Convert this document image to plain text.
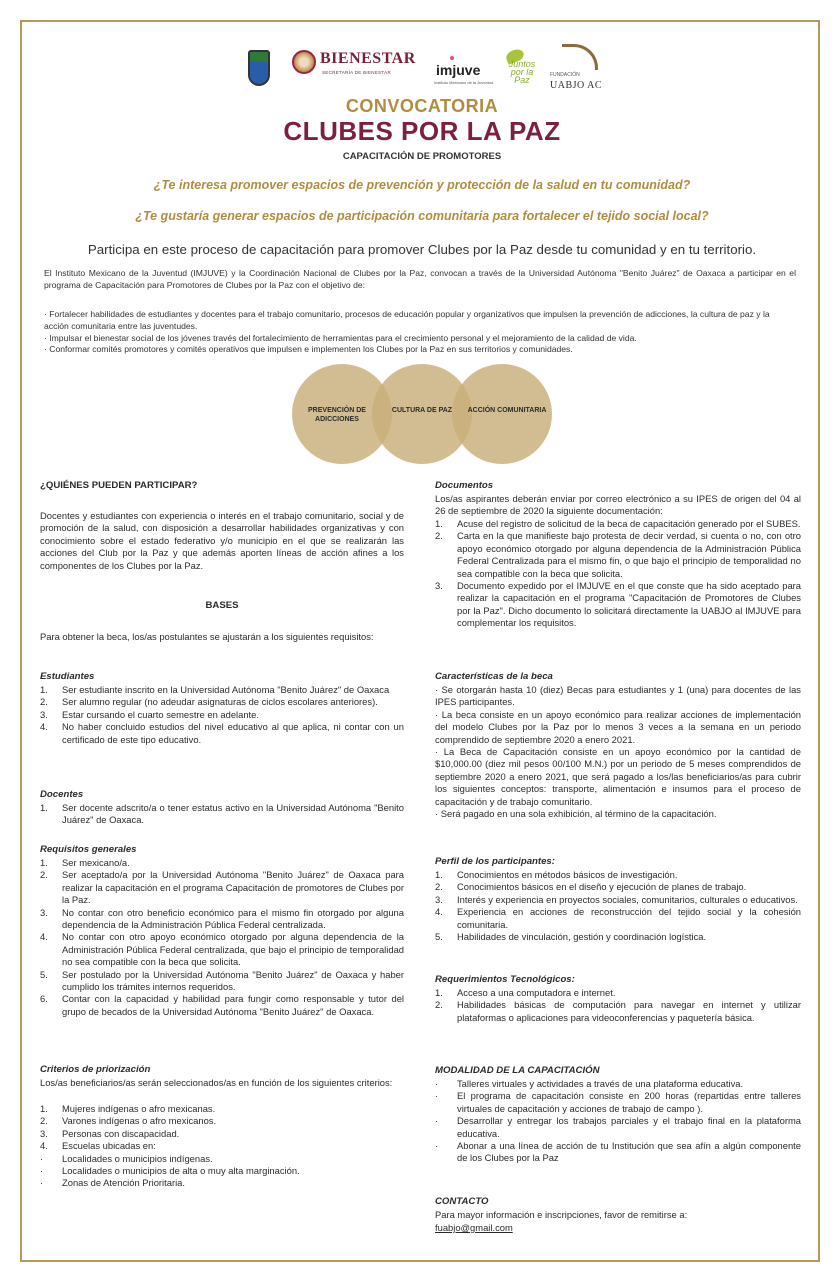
BIENESTAR
SECRETARÍA DE BIENESTAR	imjuve
Instituto Mexicano de la Juventud
Juntos por la Paz	FUNDACIÓN
UABJO AC
CONVOCATORIA
CLUBES POR LA PAZ
CAPACITACIÓN DE PROMOTORES
¿Te interesa promover espacios de prevención y protección de la salud en tu comunidad?
¿Te gustaría generar espacios de participación comunitaria para fortalecer el tejido social local?
Participa en este proceso de capacitación para promover Clubes por la Paz desde tu comunidad y en tu territorio.
El Instituto Mexicano de la Juventud (IMJUVE) y la Coordinación Nacional de Clubes por la Paz, convocan a través de la Universidad Autónoma "Benito Juárez" de Oaxaca a participar en el programa de Capacitación para Promotores de Clubes por la Paz con el objetivo de:
· Fortalecer habilidades de estudiantes y docentes para el trabajo comunitario, procesos de educación popular y organizativos que impulsen la prevención de adicciones, la cultura de paz y la acción comunitaria entre las juventudes.
· Impulsar el bienestar social de los jóvenes través del fortalecimiento de herramientas para el crecimiento personal y el mejoramiento de la calidad de vida.
· Conformar comités promotores y comités operativos que impulsen e implementen los Clubes por la Paz en sus territorios y comunidades.
PREVENCIÓN DE ADICCIONES
CULTURA DE PAZ	ACCIÓN COMUNITARIA
¿QUIÉNES PUEDEN PARTICIPAR?
Docentes y estudiantes con experiencia o interés en el trabajo comunitario, social y de promoción de la salud, con disposición a desarrollar habilidades organizativas y con conocimiento sobre el estado federativo y/o municipio en el que se realizarán las acciones del Club por la Paz y que además aporten líneas de acción afines a los componentes de los Clubes por la Paz.
BASES
Para obtener la beca, los/as postulantes se ajustarán a los siguientes requisitos:
Estudiantes
1.	Ser estudiante inscrito en la Universidad Autónoma "Benito Juárez" de Oaxaca
2.	Ser alumno regular (no adeudar asignaturas de ciclos escolares anteriores).
3.	Estar cursando el cuarto semestre en adelante.
4.	No haber concluido estudios del nivel educativo al que aplica, ni contar con un certificado de este tipo educativo.
Docentes
1.	Ser docente adscrito/a o tener estatus activo en la Universidad Autónoma "Benito Juárez" de Oaxaca.
Requisitos generales
1.	Ser mexicano/a.
2.	Ser aceptado/a por la Universidad Autónoma "Benito Juárez" de Oaxaca para realizar la capacitación en el programa Capacitación de promotores de Clubes por la Paz.
3.	No contar con otro beneficio económico para el mismo fin otorgado por alguna dependencia de la Administración Pública Federal centralizada.
4.	No contar con otro apoyo económico otorgado por alguna dependencia de la Administración Pública Federal centralizada, que bajo el principio de temporalidad no sea compatible con la beca que solicita.
5.	Ser postulado por la Universidad Autónoma "Benito Juárez" de Oaxaca y haber cumplido los trámites internos requeridos.
6.	Contar con la capacidad y habilidad para fungir como responsable y tutor del grupo de becados de la Universidad Autónoma "Benito Juárez" de Oaxaca.
Criterios de priorización
Los/as beneficiarios/as serán seleccionados/as en función de los siguientes criterios:
1.	Mujeres indígenas o afro mexicanas.
2.	Varones indígenas o afro mexicanos.
3.	Personas con discapacidad.
4.	Escuelas ubicadas en:
·	Localidades o municipios indígenas.
·	Localidades o municipios de alta o muy alta marginación.
·	Zonas de Atención Prioritaria.
Documentos
Los/as aspirantes deberán enviar por correo electrónico a su IPES de origen del 04 al 26 de septiembre de 2020 la siguiente documentación:
1.	Acuse del registro de solicitud de la beca de capacitación generado por el SUBES.
2.	Carta en la que manifieste bajo protesta de decir verdad, si cuenta o no, con otro apoyo económico otorgado por alguna dependencia de la Administración Pública Federal Centralizada para el mismo fin, o que bajo el principio de temporalidad no sea compatible con la beca que solicita.
3.	Documento expedido por el IMJUVE en el que conste que ha sido aceptado para realizar la capacitación en el programa "Capacitación de Promotores de Clubes por la Paz". Dicho documento lo solicitará directamente la UABJO al IMJUVE para complementar los requisitos.
Características de la beca
· Se otorgarán hasta 10 (diez) Becas para estudiantes y 1 (una) para docentes de las IPES participantes.
· La beca consiste en un apoyo económico para realizar acciones de implementación del modelo Clubes por la Paz por lo menos 3 veces a la semana en un periodo comprendido de septiembre 2020 a enero 2021.
· La Beca de Capacitación consiste en un apoyo económico por la cantidad de $10,000.00 (diez mil pesos 00/100 M.N.) por un periodo de 5 meses comprendidos de septiembre 2020 a enero 2021, que será pagado a los/las beneficiarios/as para cubrir los siguientes conceptos: transporte, alimentación e insumos para el proceso de capacitación y de trabajo comunitario.
· Será pagado en una sola exhibición, al término de la capacitación.
Perfil de los participantes:
1.	Conocimientos en métodos básicos de investigación.
2.	Conocimientos básicos en el diseño y ejecución de planes de trabajo.
3.	Interés y experiencia en proyectos sociales, comunitarios, culturales o educativos.
4.	Experiencia en acciones de reconstrucción del tejido social y la cohesión comunitaria.
5.	Habilidades de vinculación, gestión y coordinación logística.
Requerimientos Tecnológicos:
1.	Acceso a una computadora e internet.
2.	Habilidades básicas de computación para navegar en internet y utilizar plataformas o aplicaciones para videoconferencias y paquetería básica.
MODALIDAD DE LA CAPACITACIÓN
·	Talleres virtuales y actividades a través de una plataforma educativa.
·	El programa de capacitación consiste en 200 horas (repartidas entre talleres virtuales de capacitación y acciones de trabajo de campo ).
·	Desarrollar y entregar los trabajos parciales y el trabajo final en la plataforma educativa.
·	Abonar a una línea de acción de tu Institución que sea afín a algún componente de los Clubes por la Paz
CONTACTO
Para mayor información e inscripciones, favor de remitirse a:
fuabjo@gmail.com
